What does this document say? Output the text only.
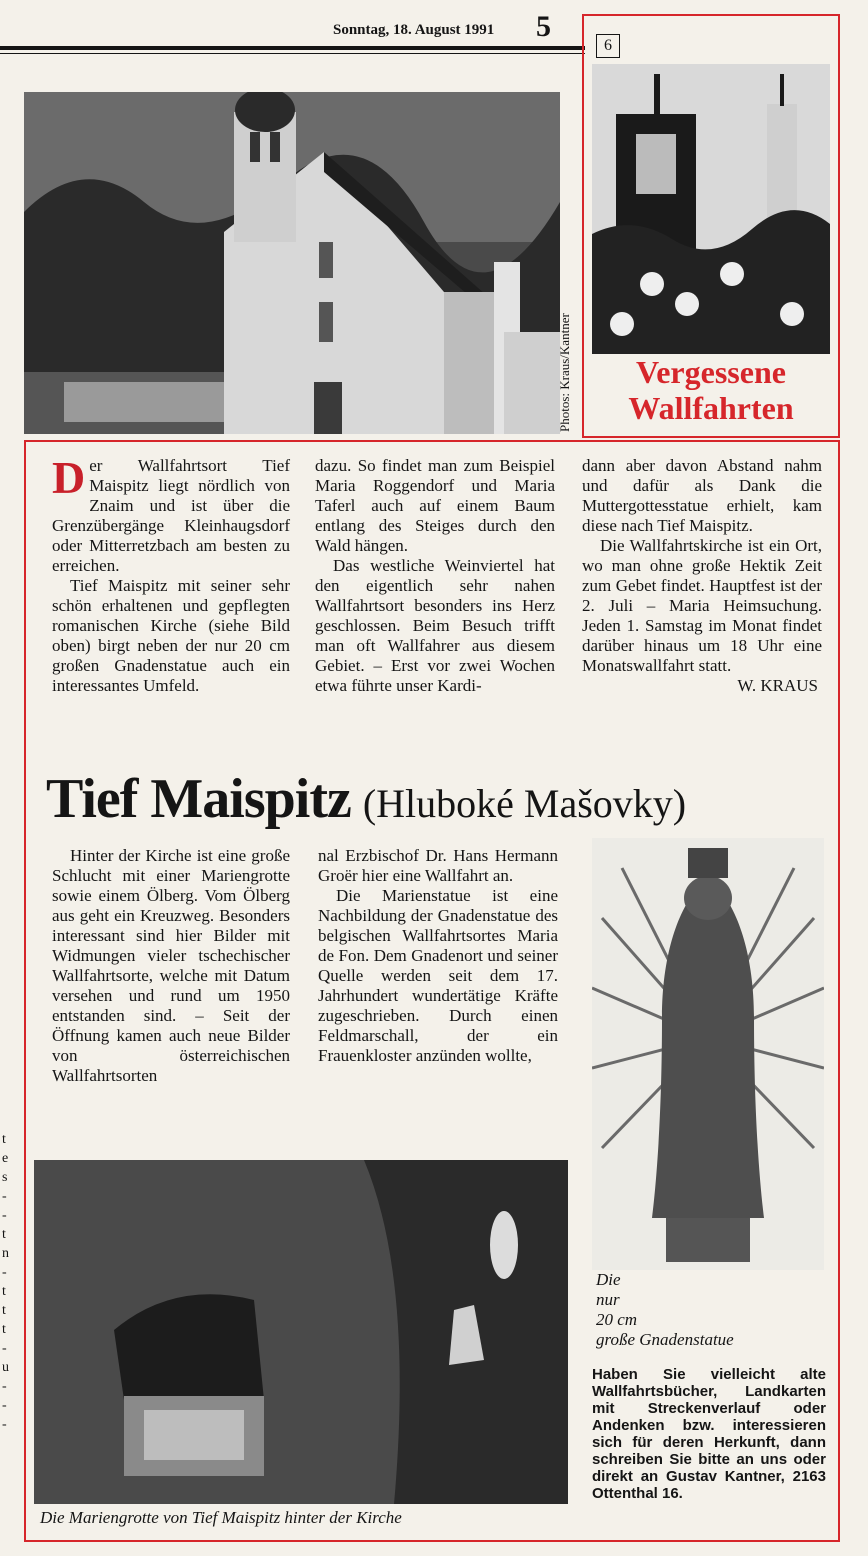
Sonntag, 18. August 1991 5
Photos: Kraus/Kantner
6
Vergessene
Wallfahrten

Der Wallfahrtsort Tief Maispitz liegt nördlich von Znaim und ist über die Grenzübergänge Kleinhaugsdorf oder Mitterretzbach am besten zu erreichen.

Tief Maispitz mit seiner sehr schön erhaltenen und gepflegten romanischen Kirche (siehe Bild oben) birgt neben der nur 20 cm großen Gnadenstatue auch ein interessantes Umfeld.

dazu. So findet man zum Beispiel Maria Roggendorf und Maria Taferl auch auf einem Baum entlang des Steiges durch den Wald hängen.

Das westliche Weinviertel hat den eigentlich sehr nahen Wallfahrtsort besonders ins Herz geschlossen. Beim Besuch trifft man oft Wallfahrer aus diesem Gebiet. – Erst vor zwei Wochen etwa führte unser Kardi-

dann aber davon Abstand nahm und dafür als Dank die Muttergottesstatue erhielt, kam diese nach Tief Maispitz.

Die Wallfahrtskirche ist ein Ort, wo man ohne große Hektik Zeit zum Gebet findet. Hauptfest ist der 2. Juli – Maria Heimsuchung. Jeden 1. Samstag im Monat findet darüber hinaus um 18 Uhr eine Monatswallfahrt statt.

W. KRAUS
Tief Maispitz (Hluboké Mašovky)

Hinter der Kirche ist eine große Schlucht mit einer Mariengrotte sowie einem Ölberg. Vom Ölberg aus geht ein Kreuzweg. Besonders interessant sind hier Bilder mit Widmungen vieler tschechischer Wallfahrtsorte, welche mit Datum versehen und rund um 1950 entstanden sind. – Seit der Öffnung kamen auch neue Bilder von österreichischen Wallfahrtsorten

nal Erzbischof Dr. Hans Hermann Groër hier eine Wallfahrt an.

Die Marienstatue ist eine Nachbildung der Gnadenstatue des belgischen Wallfahrtsortes Maria de Fon. Dem Gnadenort und seiner Quelle werden seit dem 17. Jahrhundert wundertätige Kräfte zugeschrieben. Durch einen Feldmarschall, der ein Frauenkloster anzünden wollte,

Die
nur
20 cm
große Gnadenstatue
Die Mariengrotte von Tief Maispitz hinter der Kirche
Haben Sie vielleicht alte Wallfahrtsbücher, Landkarten mit Streckenverlauf oder Andenken bzw. interessieren sich für deren Herkunft, dann schreiben Sie bitte an uns oder direkt an Gustav Kantner, 2163 Ottenthal 16.
t
e
s
-
-
t
n
-
t
t
t
-
u
-
-
-
